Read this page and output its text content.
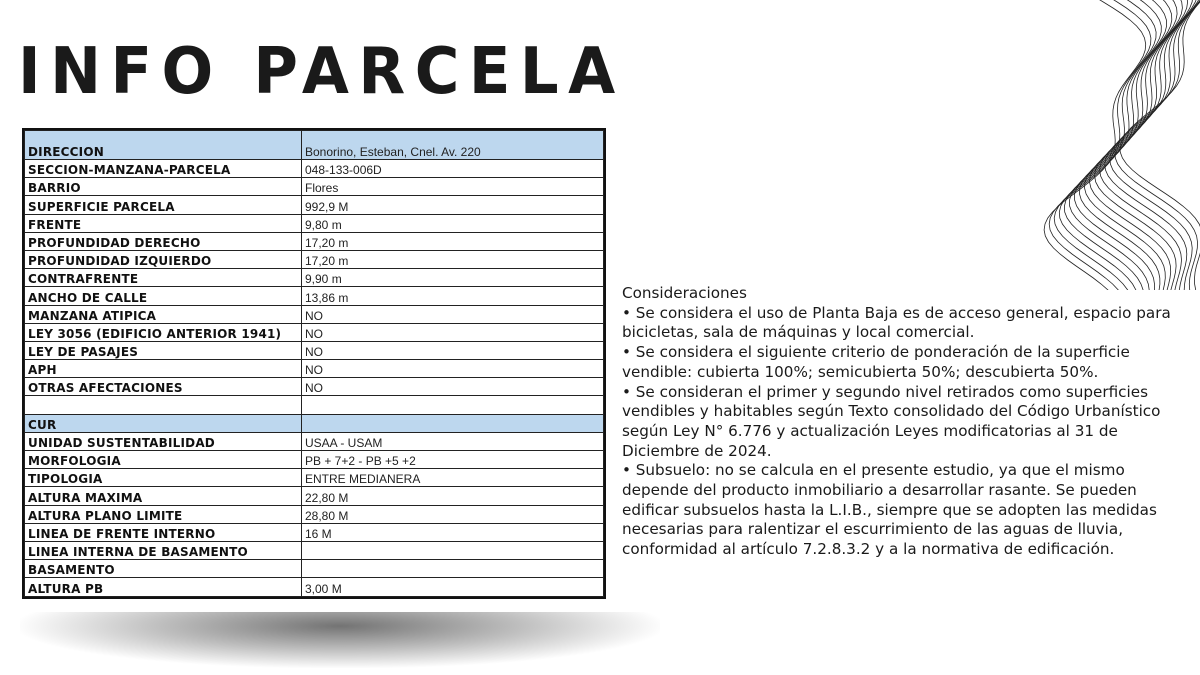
INFO PARCELA
DIRECCION	Bonorino, Esteban, Cnel. Av. 220
SECCION-MANZANA-PARCELA	048-133-006D
BARRIO	Flores
SUPERFICIE PARCELA	992,9 M
FRENTE	9,80 m
PROFUNDIDAD DERECHO	17,20 m
PROFUNDIDAD IZQUIERDO	17,20 m
CONTRAFRENTE	9,90 m
ANCHO DE CALLE	13,86 m
MANZANA ATIPICA	NO
LEY 3056 (EDIFICIO ANTERIOR 1941)	NO
LEY DE PASAJES	NO
APH	NO
OTRAS AFECTACIONES	NO

CUR	
UNIDAD SUSTENTABILIDAD	USAA - USAM
MORFOLOGIA	PB + 7+2 - PB +5 +2
TIPOLOGIA	ENTRE MEDIANERA
ALTURA MAXIMA	22,80 M
ALTURA PLANO LIMITE	28,80 M
LINEA DE FRENTE INTERNO	16 M
LINEA INTERNA DE BASAMENTO	
BASAMENTO	
ALTURA PB	3,00 M
Consideraciones
• Se considera el uso de Planta Baja es de acceso general, espacio para bicicletas, sala de máquinas y local comercial.
• Se considera el siguiente criterio de ponderación de la superficie vendible: cubierta 100%; semicubierta 50%; descubierta 50%.
• Se consideran el primer y segundo nivel retirados como superficies vendibles y habitables según Texto consolidado del Código Urbanístico según Ley N° 6.776 y actualización Leyes modificatorias al 31 de Diciembre de 2024.
• Subsuelo: no se calcula en el presente estudio, ya que el mismo depende del producto inmobiliario a desarrollar rasante. Se pueden edificar subsuelos hasta la L.I.B., siempre que se adopten las medidas necesarias para ralentizar el escurrimiento de las aguas de lluvia, conformidad al artículo 7.2.8.3.2 y a la normativa de edificación.
